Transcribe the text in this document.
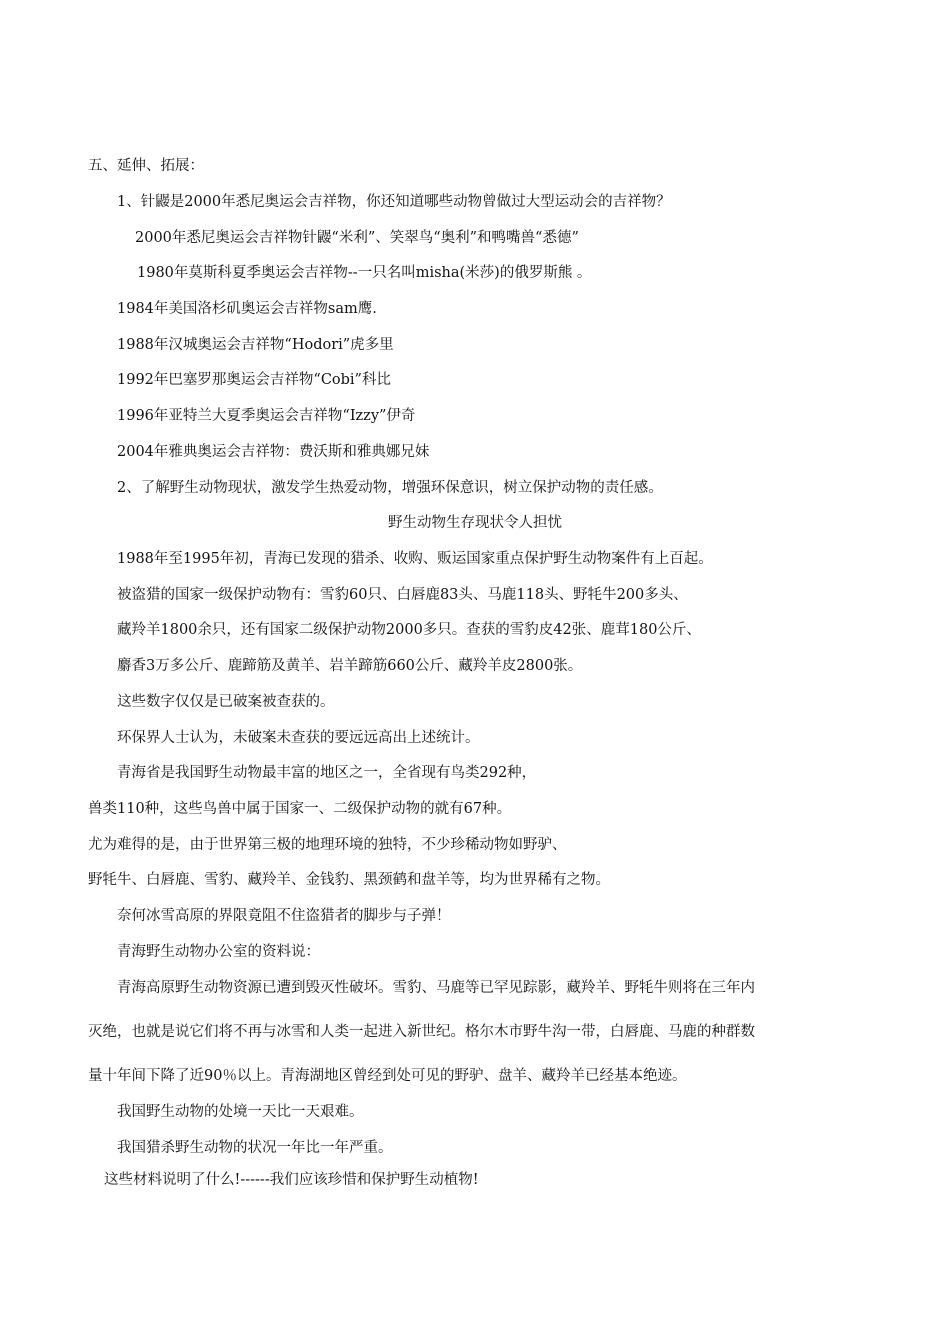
五、延伸、拓展：
1、针鼹是2000年悉尼奥运会吉祥物，你还知道哪些动物曾做过大型运动会的吉祥物？
2000年悉尼奥运会吉祥物针鼹“米利”、笑翠鸟“奥利”和鸭嘴兽“悉德”
1980年莫斯科夏季奥运会吉祥物--一只名叫misha(米莎)的俄罗斯熊 。
1984年美国洛杉矶奥运会吉祥物sam鹰.
1988年汉城奥运会吉祥物“Hodori”虎多里
1992年巴塞罗那奥运会吉祥物“Cobi”科比
1996年亚特兰大夏季奥运会吉祥物“Izzy”伊奇
2004年雅典奥运会吉祥物：费沃斯和雅典娜兄妹
2、了解野生动物现状，激发学生热爱动物，增强环保意识，树立保护动物的责任感。
野生动物生存现状令人担忧
1988年至1995年初，青海已发现的猎杀、收购、贩运国家重点保护野生动物案件有上百起。
被盗猎的国家一级保护动物有：雪豹60只、白唇鹿83头、马鹿118头、野牦牛200多头、
藏羚羊1800余只，还有国家二级保护动物2000多只。查获的雪豹皮42张、鹿茸180公斤、
麝香3万多公斤、鹿蹄筋及黄羊、岩羊蹄筋660公斤、藏羚羊皮2800张。
这些数字仅仅是已破案被查获的。
环保界人士认为，未破案未查获的要远远高出上述统计。
青海省是我国野生动物最丰富的地区之一，全省现有鸟类292种，
兽类110种，这些鸟兽中属于国家一、二级保护动物的就有67种。
尤为难得的是，由于世界第三极的地理环境的独特，不少珍稀动物如野驴、
野牦牛、白唇鹿、雪豹、藏羚羊、金钱豹、黑颈鹤和盘羊等，均为世界稀有之物。
奈何冰雪高原的界限竟阻不住盗猎者的脚步与子弹！
青海野生动物办公室的资料说：
青海高原野生动物资源已遭到毁灭性破坏。雪豹、马鹿等已罕见踪影，藏羚羊、野牦牛则将在三年内
灭绝，也就是说它们将不再与冰雪和人类一起进入新世纪。格尔木市野牛沟一带，白唇鹿、马鹿的种群数
量十年间下降了近90％以上。青海湖地区曾经到处可见的野驴、盘羊、藏羚羊已经基本绝迹。
我国野生动物的处境一天比一天艰难。
我国猎杀野生动物的状况一年比一年严重。
这些材料说明了什么!------我们应该珍惜和保护野生动植物!
